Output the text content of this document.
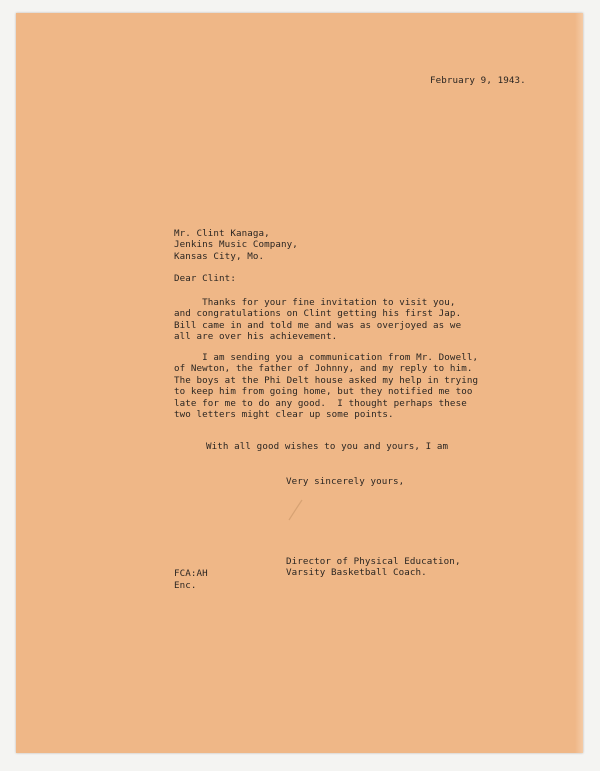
February 9, 1943.
Mr. Clint Kanaga,
Jenkins Music Company,
Kansas City, Mo.
Dear Clint:
Thanks for your fine invitation to visit you,
and congratulations on Clint getting his first Jap.
Bill came in and told me and was as overjoyed as we
all are over his achievement.
I am sending you a communication from Mr. Dowell,
of Newton, the father of Johnny, and my reply to him.
The boys at the Phi Delt house asked my help in trying
to keep him from going home, but they notified me too
late for me to do any good.  I thought perhaps these
two letters might clear up some points.
With all good wishes to you and yours, I am
Very sincerely yours,
Director of Physical Education,
Varsity Basketball Coach.
FCA:AH
Enc.
